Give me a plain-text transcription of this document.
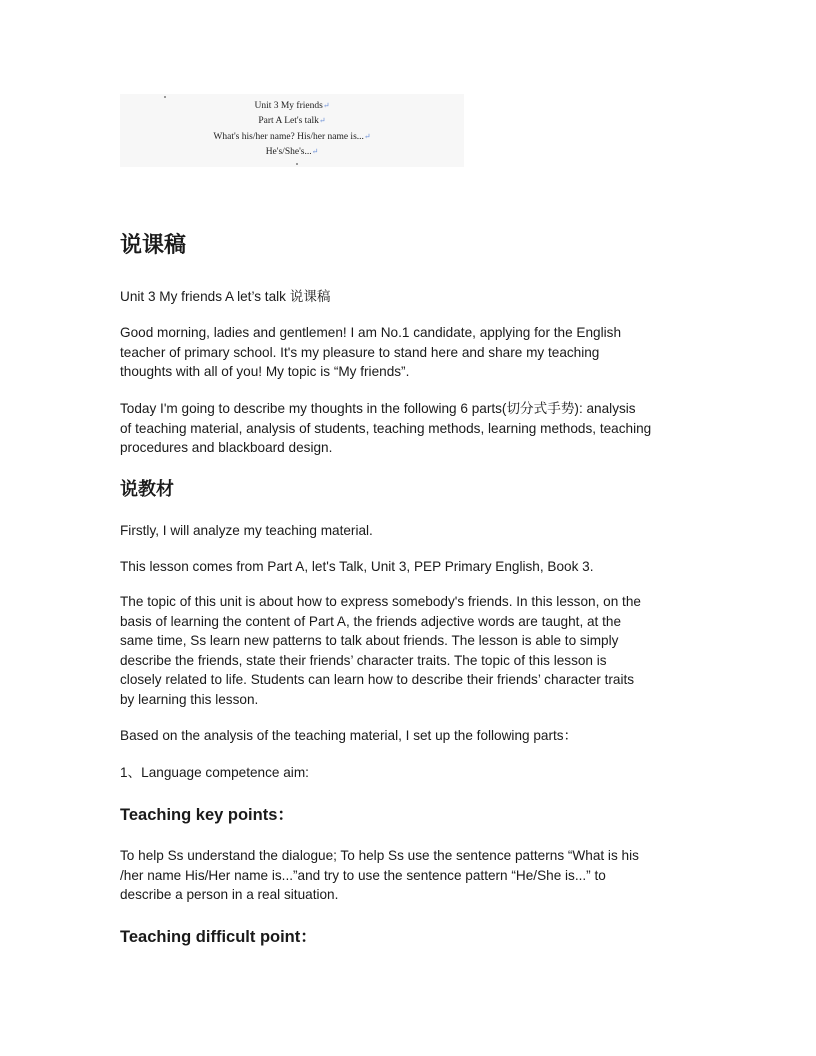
Unit 3 My friends↵
Part A Let's talk↵
What's his/her name? His/her name is...↵
He's/She's...↵
说课稿
Unit 3 My friends A let’s talk 说课稿
Good morning, ladies and gentlemen! I am No.1 candidate, applying for the English
teacher of primary school. It's my pleasure to stand here and share my teaching
thoughts with all of you! My topic is “My friends”.
Today I'm going to describe my thoughts in the following 6 parts(切分式手势): analysis
of teaching material, analysis of students, teaching methods, learning methods, teaching
procedures and blackboard design.
说教材
Firstly, I will analyze my teaching material.
This lesson comes from Part A, let's Talk, Unit 3, PEP Primary English, Book 3.
The topic of this unit is about how to express somebody's friends. In this lesson, on the
basis of learning the content of Part A, the friends adjective words are taught, at the
same time, Ss learn new patterns to talk about friends. The lesson is able to simply
describe the friends, state their friends’ character traits. The topic of this lesson is
closely related to life. Students can learn how to describe their friends’ character traits
by learning this lesson.
Based on the analysis of the teaching material, I set up the following parts：
1、Language competence aim:
Teaching key points：
To help Ss understand the dialogue; To help Ss use the sentence patterns “What is his
/her name His/Her name is...”and try to use the sentence pattern “He/She is...” to
describe a person in a real situation.
Teaching difficult point：
